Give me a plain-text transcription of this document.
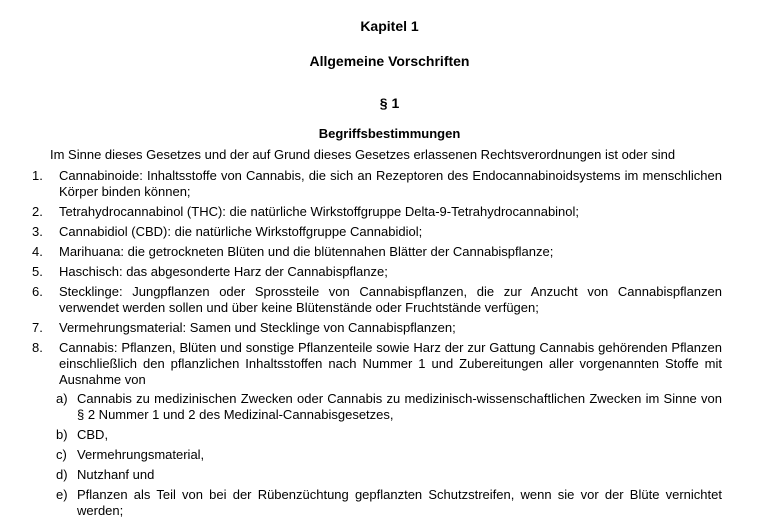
Kapitel 1
Allgemeine Vorschriften
§ 1
Begriffsbestimmungen
Im Sinne dieses Gesetzes und der auf Grund dieses Gesetzes erlassenen Rechtsverordnungen ist oder sind
1.	Cannabinoide: Inhaltsstoffe von Cannabis, die sich an Rezeptoren des Endocannabinoidsystems im menschlichen Körper binden können;
2.	Tetrahydrocannabinol (THC): die natürliche Wirkstoffgruppe Delta-9-Tetrahydrocannabinol;
3.	Cannabidiol (CBD): die natürliche Wirkstoffgruppe Cannabidiol;
4.	Marihuana: die getrockneten Blüten und die blütennahen Blätter der Cannabispflanze;
5.	Haschisch: das abgesonderte Harz der Cannabispflanze;
6.	Stecklinge: Jungpflanzen oder Sprossteile von Cannabispflanzen, die zur Anzucht von Cannabispflanzen verwendet werden sollen und über keine Blütenstände oder Fruchtstände verfügen;
7.	Vermehrungsmaterial: Samen und Stecklinge von Cannabispflanzen;
8.	Cannabis: Pflanzen, Blüten und sonstige Pflanzenteile sowie Harz der zur Gattung Cannabis gehörenden Pflanzen einschließlich den pflanzlichen Inhaltsstoffen nach Nummer 1 und Zubereitungen aller vorgenannten Stoffe mit Ausnahme von
a) Cannabis zu medizinischen Zwecken oder Cannabis zu medizinisch-wissenschaftlichen Zwecken im Sinne von § 2 Nummer 1 und 2 des Medizinal-Cannabisgesetzes,
b) CBD,
c) Vermehrungsmaterial,
d) Nutzhanf und
e) Pflanzen als Teil von bei der Rübenzüchtung gepflanzten Schutzstreifen, wenn sie vor der Blüte vernichtet werden;
